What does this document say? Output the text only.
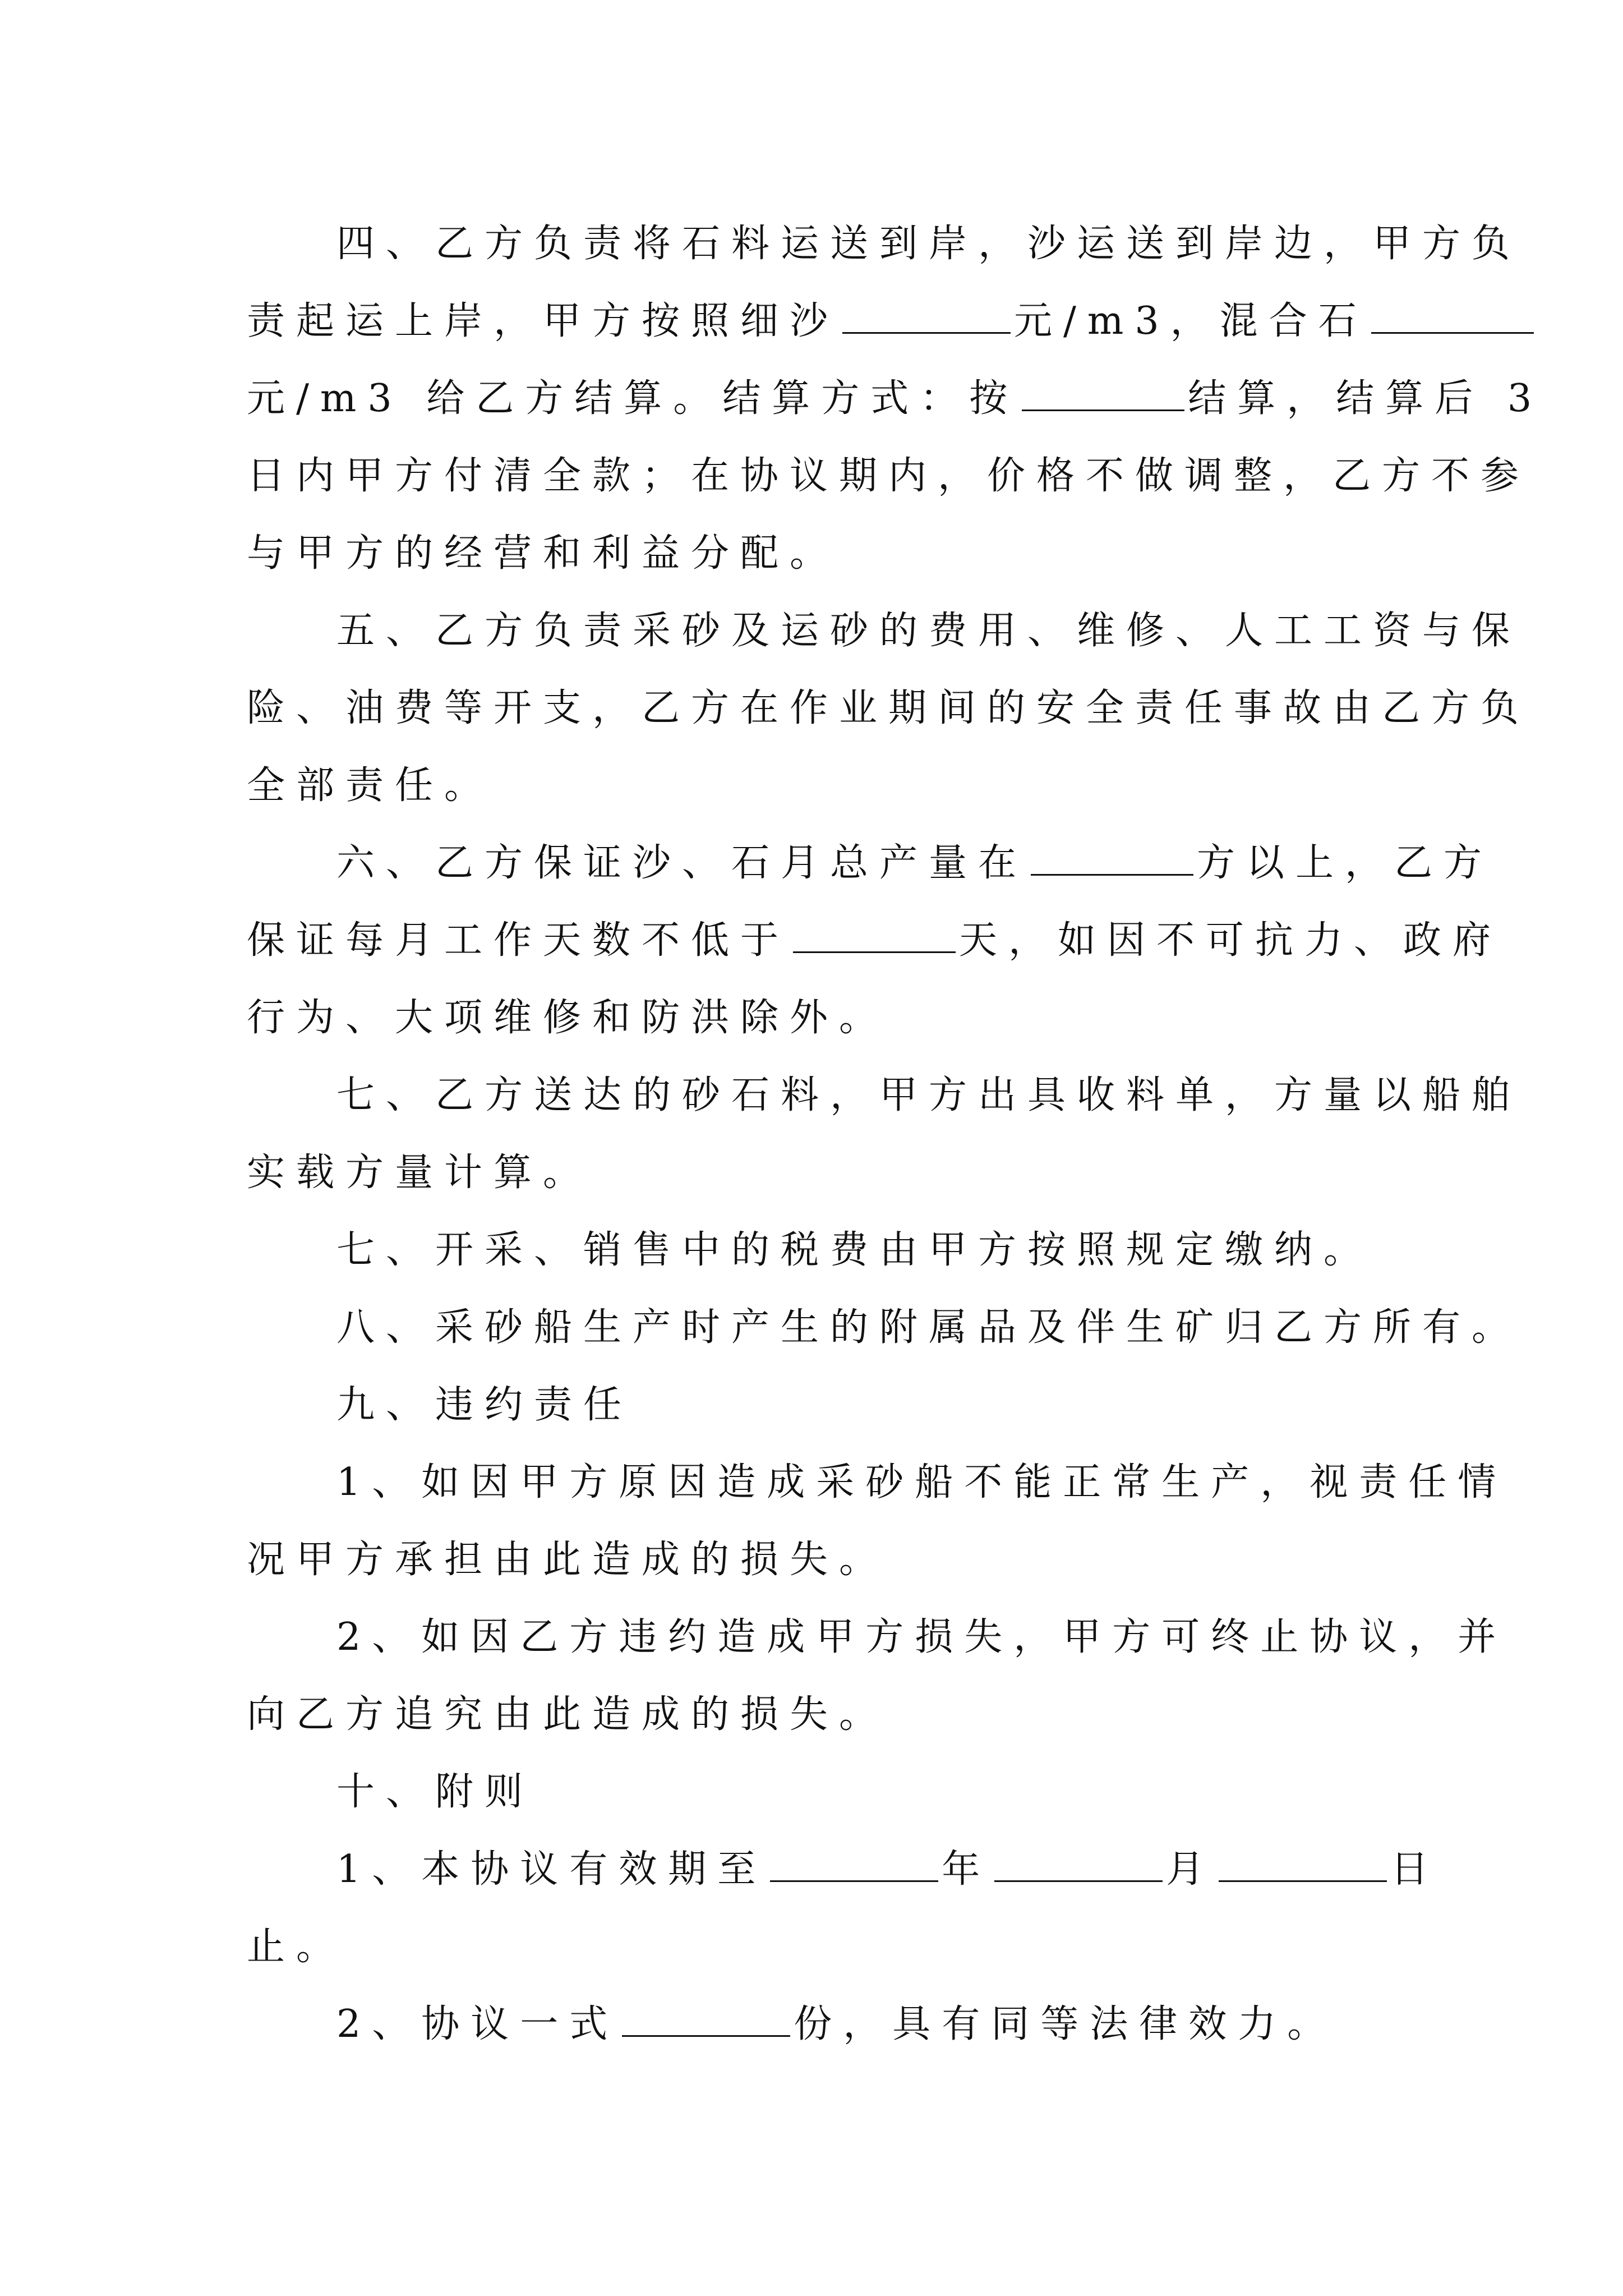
四、乙方负责将石料运送到岸，沙运送到岸边，甲方负
责起运上岸，甲方按照细沙	元/m3，混合石
元/m3 给乙方结算。结算方式：按	结算，结算后 3
日内甲方付清全款；在协议期内，价格不做调整，乙方不参
与甲方的经营和利益分配。
五、乙方负责采砂及运砂的费用、维修、人工工资与保
险、油费等开支，乙方在作业期间的安全责任事故由乙方负
全部责任。
六、乙方保证沙、石月总产量在	方以上，乙方
保证每月工作天数不低于	天，如因不可抗力、政府
行为、大项维修和防洪除外。
七、乙方送达的砂石料，甲方出具收料单，方量以船舶
实载方量计算。
七、开采、销售中的税费由甲方按照规定缴纳。
八、采砂船生产时产生的附属品及伴生矿归乙方所有。
九、违约责任
1、如因甲方原因造成采砂船不能正常生产，视责任情
况甲方承担由此造成的损失。
2、如因乙方违约造成甲方损失，甲方可终止协议，并
向乙方追究由此造成的损失。
十、附则
1、本协议有效期至	年	月	日
止。
2、协议一式	份，具有同等法律效力。
